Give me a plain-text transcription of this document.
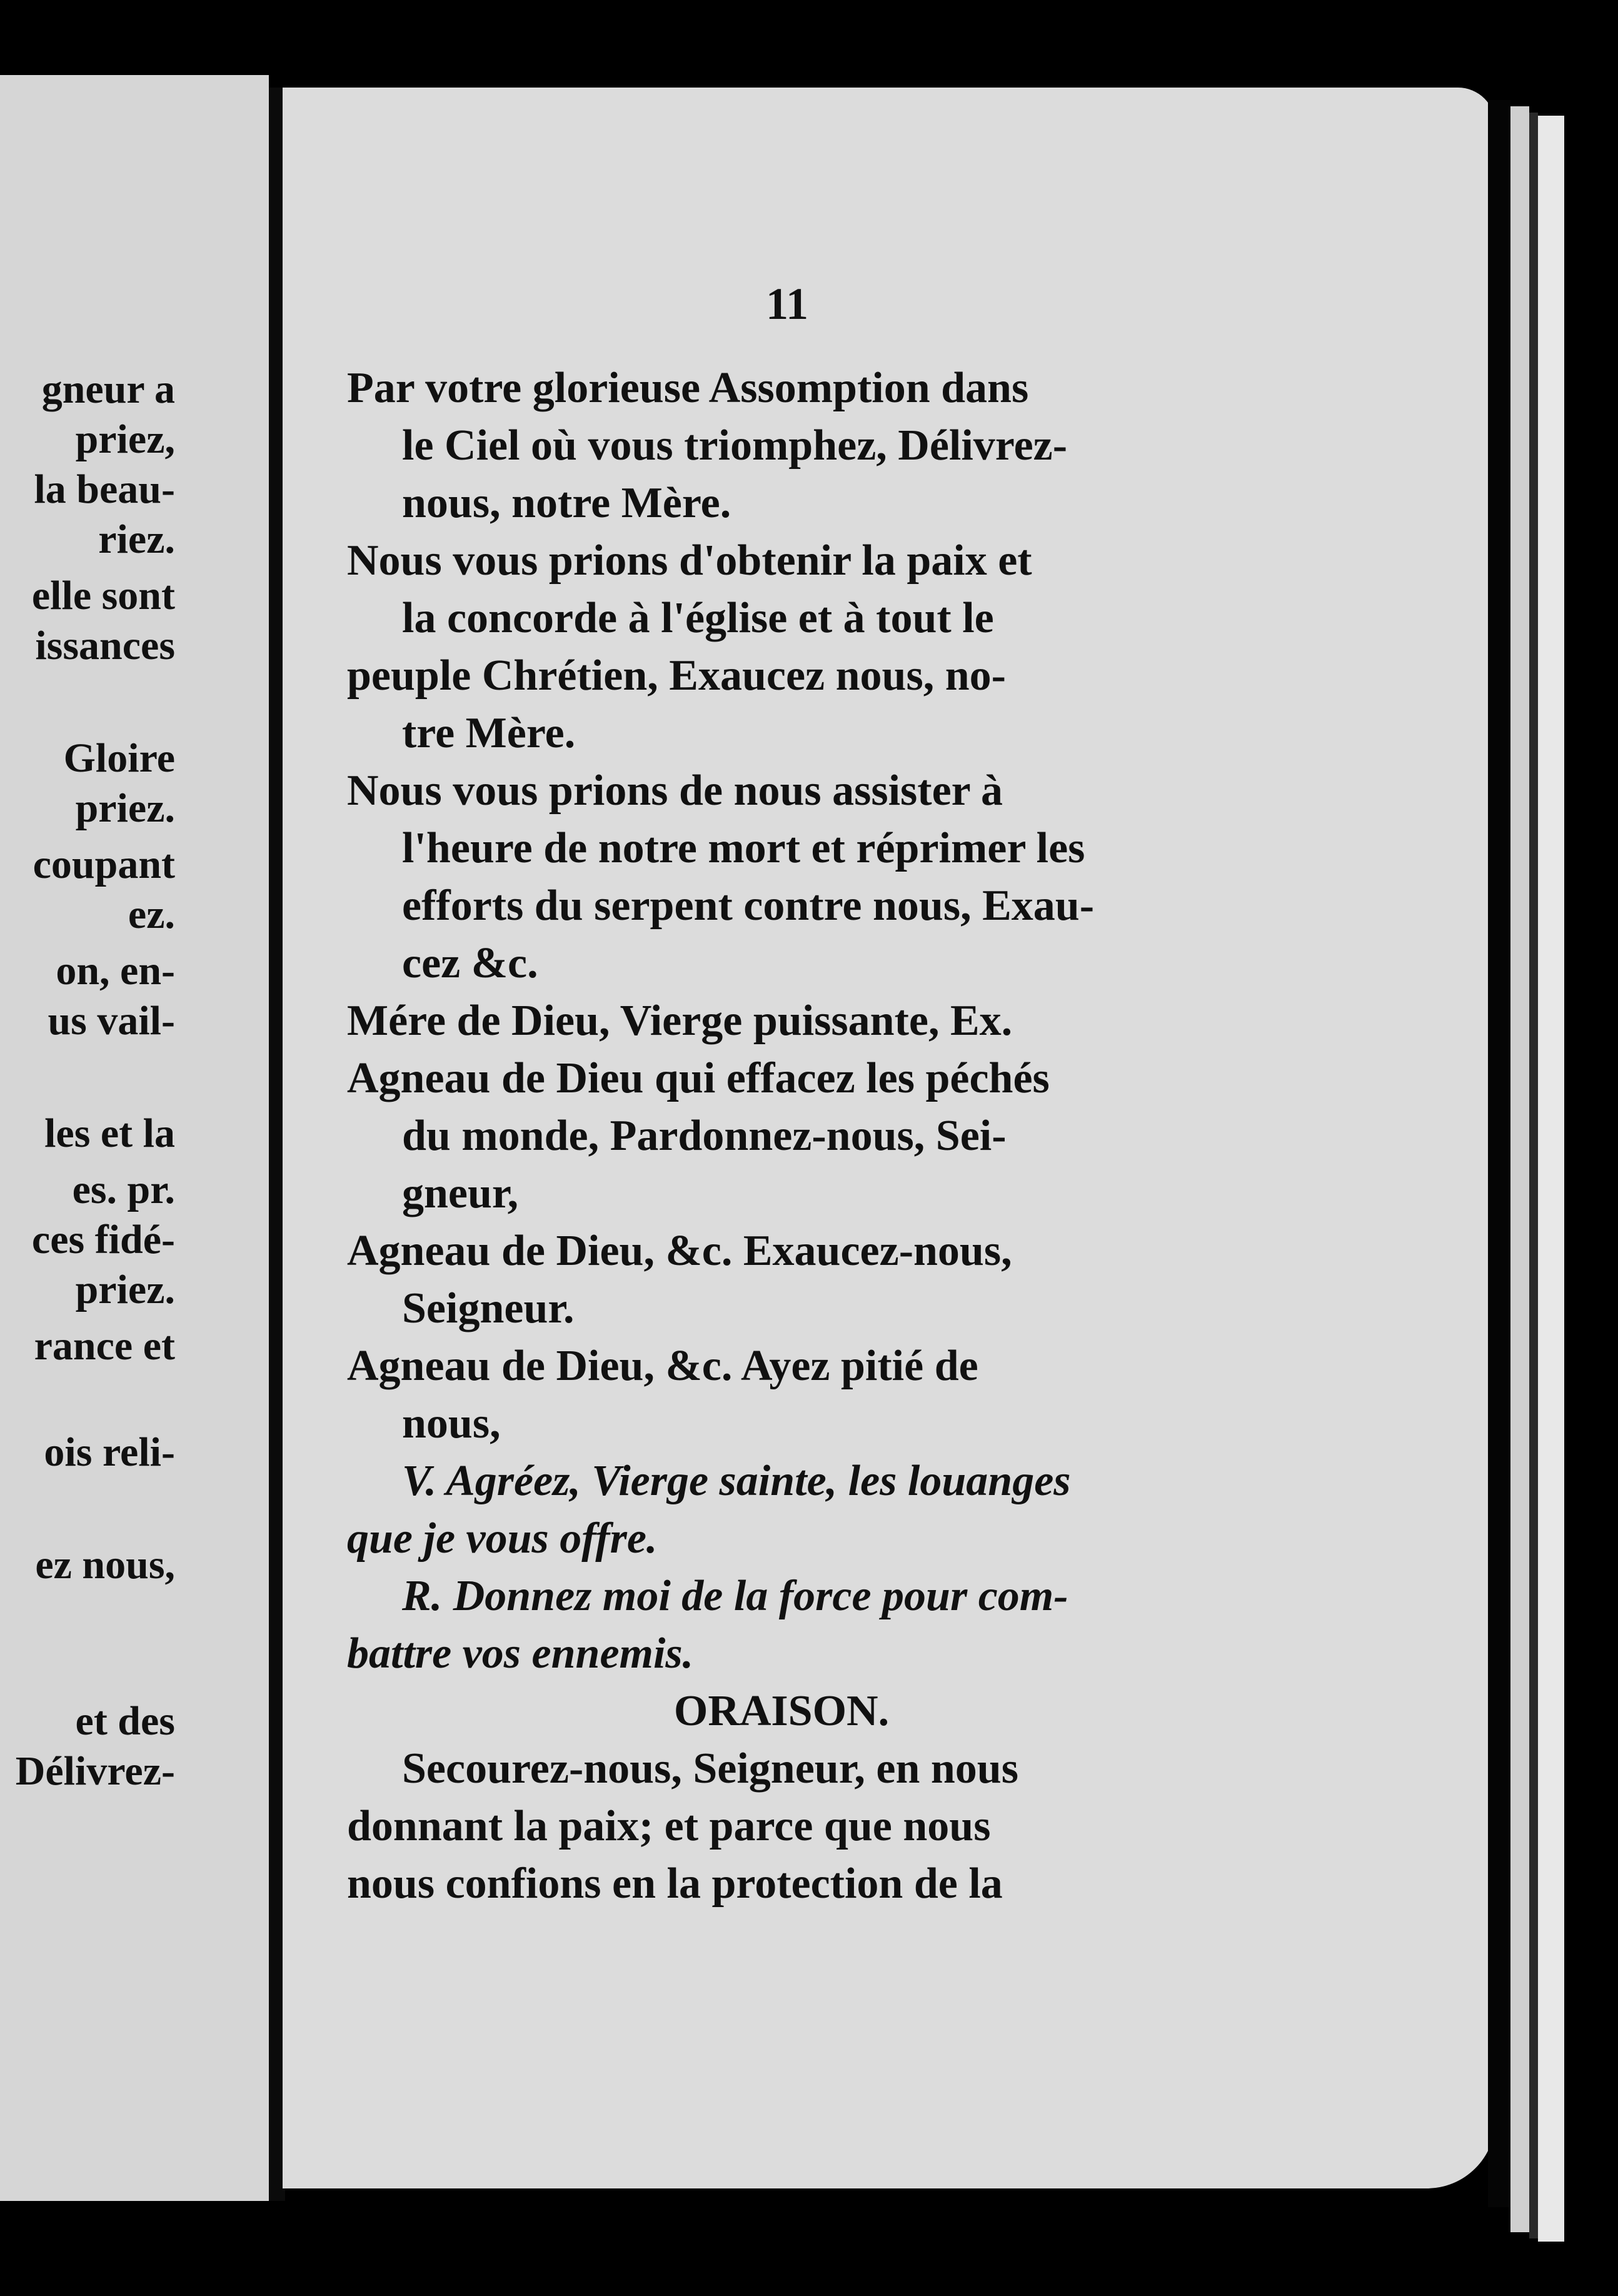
gneur a
priez,
la beau-
riez.
elle sont
issances
Gloire
priez.
coupant
ez.
on, en-
us vail-
les et la
es. pr.
ces fidé-
priez.
rance et
ois reli-
ez nous,
et des
Délivrez-
11
Par votre glorieuse Assomption dans
le Ciel où vous triomphez, Délivrez-
nous, notre Mère.
Nous vous prions d'obtenir la paix et
la concorde à l'église et à tout le
peuple Chrétien, Exaucez nous, no-
tre Mère.
Nous vous prions de nous assister à
l'heure de notre mort et réprimer les
efforts du serpent contre nous, Exau-
cez &c.
Mére de Dieu, Vierge puissante, Ex.
Agneau de Dieu qui effacez les péchés
du monde, Pardonnez-nous, Sei-
gneur,
Agneau de Dieu, &c. Exaucez-nous,
Seigneur.
Agneau de Dieu, &c. Ayez pitié de
nous,
V. Agréez, Vierge sainte, les louanges
que je vous offre.
R. Donnez moi de la force pour com-
battre vos ennemis.
ORAISON.
Secourez-nous, Seigneur, en nous
donnant la paix; et parce que nous
nous confions en la protection de la
